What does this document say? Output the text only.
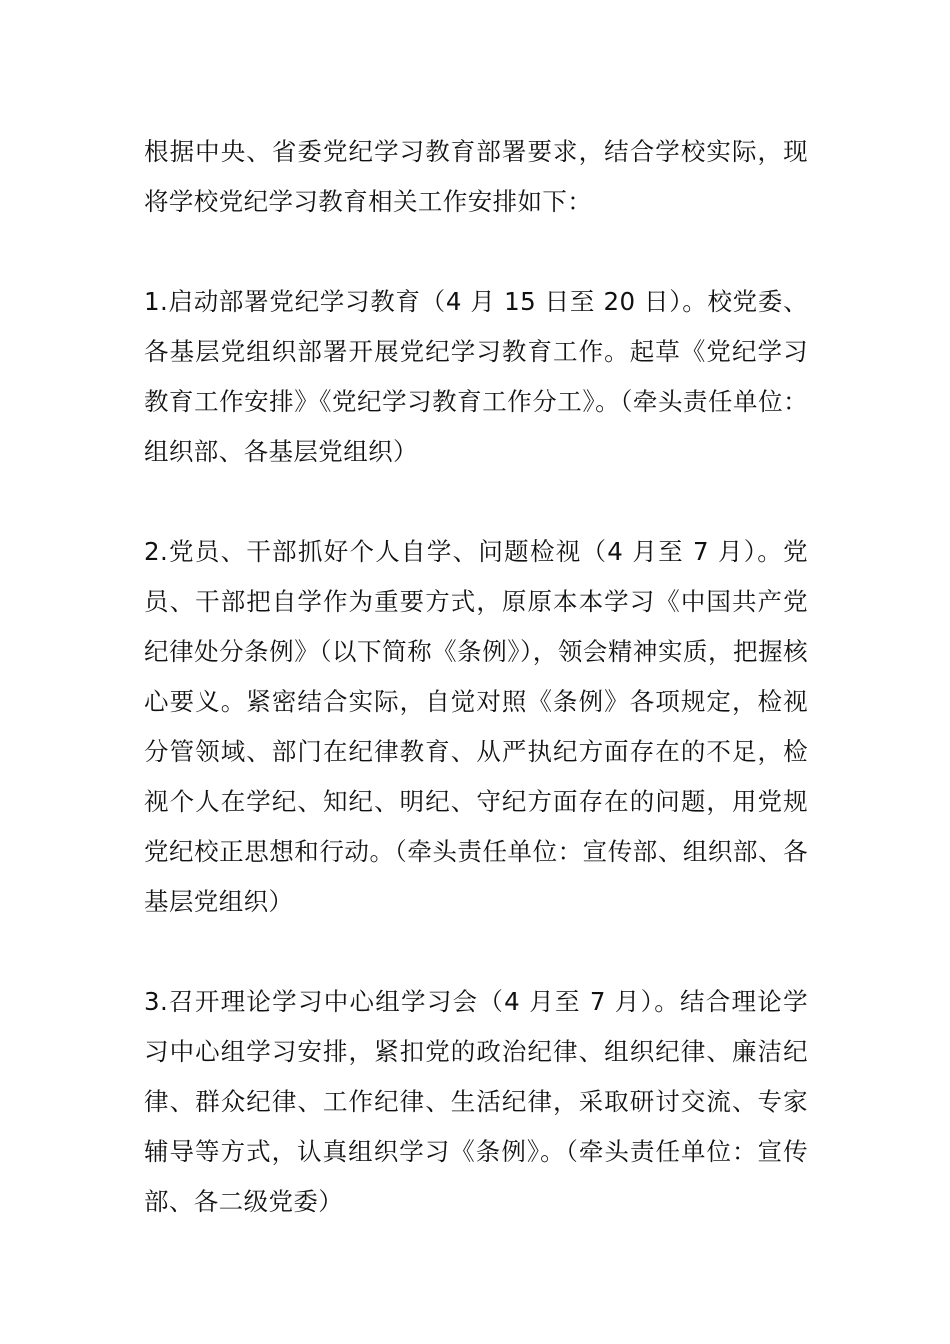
根据中央、省委党纪学习教育部署要求，结合学校实际，现将学校党纪学习教育相关工作安排如下：

1.启动部署党纪学习教育（4 月 15 日至 20 日）。校党委、各基层党组织部署开展党纪学习教育工作。起草《党纪学习教育工作安排》《党纪学习教育工作分工》。（牵头责任单位：组织部、各基层党组织）

2.党员、干部抓好个人自学、问题检视（4 月至 7 月）。党员、干部把自学作为重要方式，原原本本学习《中国共产党纪律处分条例》（以下简称《条例》），领会精神实质，把握核心要义。紧密结合实际，自觉对照《条例》各项规定，检视分管领域、部门在纪律教育、从严执纪方面存在的不足，检视个人在学纪、知纪、明纪、守纪方面存在的问题，用党规党纪校正思想和行动。（牵头责任单位：宣传部、组织部、各基层党组织）

3.召开理论学习中心组学习会（4 月至 7 月）。结合理论学习中心组学习安排，紧扣党的政治纪律、组织纪律、廉洁纪律、群众纪律、工作纪律、生活纪律，采取研讨交流、专家辅导等方式，认真组织学习《条例》。（牵头责任单位：宣传部、各二级党委）
